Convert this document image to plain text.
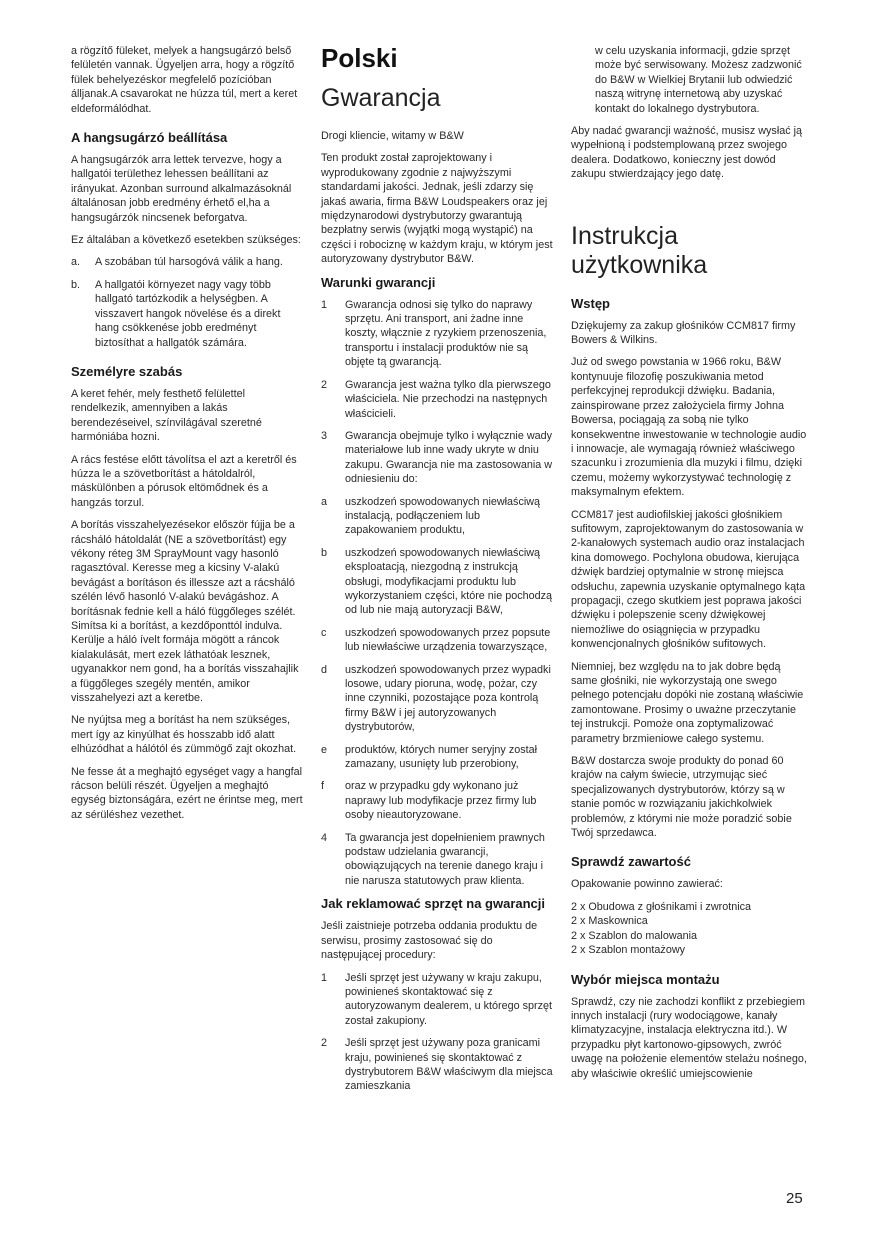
a rögzítő füleket, melyek a hangsugárzó belső felületén vannak. Ügyeljen arra, hogy a rögzítő fülek behelyezéskor megfelelő pozícióban álljanak.A csavarokat ne húzza túl, mert a keret eldeformálódhat.

A hangsugárzó beállítása

A hangsugárzók arra lettek tervezve, hogy a hallgatói területhez lehessen beállítani az irányukat. Azonban surround alkalmazásoknál általánosan jobb eredmény érhető el,ha a hangsugárzók nincsenek beforgatva.

Ez általában a következő esetekben szükséges:

a.	A szobában túl harsogóvá válik a hang.
b.	A hallgatói környezet nagy vagy több hallgató tartózkodik a helységben. A visszavert hangok növelése és a direkt hang csökkenése jobb eredményt biztosíthat a hallgatók számára.
Személyre szabás

A keret fehér, mely festhető felülettel rendelkezik, amennyiben a lakás berendezéseivel, színvilágával szeretné harmóniába hozni.

A rács festése előtt távolítsa el azt a keretről és húzza le a szövetborítást a hátoldalról, máskülönben a pórusok eltömődnek és a hangzás torzul.

A borítás visszahelyezésekor először fújja be a rácsháló hátoldalát (NE a szövetborítást) egy vékony réteg 3M SprayMount vagy hasonló ragasztóval. Keresse meg a kicsiny V-alakú bevágást a borításon és illessze azt a rácsháló szélén lévő hasonló V-alakú bevágáshoz. A borításnak fednie kell a háló függőleges szélét. Simítsa ki a borítást, a kezdőponttól indulva. Kerülje a háló ívelt formája mögött a ráncok kialakulását, mert ezek láthatóak lesznek, ugyanakkor nem gond, ha a borítás visszahajlik a függőleges szegély mentén, amikor visszahelyezi azt a keretbe.

Ne nyújtsa meg a borítást ha nem szükséges, mert így az kinyúlhat és hosszabb idő alatt elhúzódhat a hálótól és zümmögő zajt okozhat.

Ne fesse át a meghajtó egységet vagy a hangfal rácson belüli részét. Ügyeljen a meghajtó egység biztonságára, ezért ne érintse meg, mert az sérüléshez vezethet.

Polski
Gwarancja

Drogi kliencie, witamy w B&W

Ten produkt został zaprojektowany i wyprodukowany zgodnie z najwyższymi standardami jakości. Jednak, jeśli zdarzy się jakaś awaria, firma B&W Loudspeakers oraz jej międzynarodowi dystrybutorzy gwarantują bezpłatny serwis (wyjątki mogą wystąpić) na części i robociznę w każdym kraju, w którym jest autoryzowany dystrybutor B&W.

Warunki gwarancji
1	Gwarancja odnosi się tylko do naprawy sprzętu. Ani transport, ani żadne inne koszty, włącznie z ryzykiem przenoszenia, transportu i instalacji produktów nie są objęte tą gwarancją.
2	Gwarancja jest ważna tylko dla pierwszego właściciela. Nie przechodzi na następnych właścicieli.
3	Gwarancja obejmuje tylko i wyłącznie wady materiałowe lub inne wady ukryte w dniu zakupu. Gwarancja nie ma zastosowania w odniesieniu do:
a	uszkodzeń spowodowanych niewłaściwą instalacją, podłączeniem lub zapakowaniem produktu,
b	uszkodzeń spowodowanych niewłaściwą eksploatacją, niezgodną z instrukcją obsługi, modyfikacjami produktu lub wykorzystaniem części, które nie pochodzą od lub nie mają autoryzacji B&W,
c	uszkodzeń spowodowanych przez popsute lub niewłaściwe urządzenia towarzyszące,
d	uszkodzeń spowodowanych przez wypadki losowe, udary pioruna, wodę, pożar, czy inne czynniki, pozostające poza kontrolą firmy B&W i jej autoryzowanych dystrybutorów,
e	produktów, których numer seryjny został zamazany, usunięty lub przerobiony,
f	oraz w przypadku gdy wykonano już naprawy lub modyfikacje przez firmy lub osoby nieautoryzowane.
4	Ta gwarancja jest dopełnieniem prawnych podstaw udzielania gwarancji, obowiązujących na terenie danego kraju i nie narusza statutowych praw klienta.
Jak reklamować sprzęt na gwarancji

Jeśli zaistnieje potrzeba oddania produktu de serwisu, prosimy zastosować się do następującej procedury:

1	Jeśli sprzęt jest używany w kraju zakupu, powinieneś skontaktować się z autoryzowanym dealerem, u którego sprzęt został zakupiony.
2	Jeśli sprzęt jest używany poza granicami kraju, powinieneś się skontaktować z dystrybutorem B&W właściwym dla miejsca zamieszkania
w celu uzyskania informacji, gdzie sprzęt może być serwisowany. Możesz zadzwonić do B&W w Wielkiej Brytanii lub odwiedzić naszą witrynę internetową aby uzyskać kontakt do lokalnego dystrybutora.

Aby nadać gwarancji ważność, musisz wysłać ją wypełnioną i podstemplowaną przez swojego dealera. Dodatkowo, konieczny jest dowód zakupu stwierdzający jego datę.

Instrukcja użytkownika
Wstęp

Dziękujemy za zakup głośników CCM817 firmy Bowers & Wilkins.

Już od swego powstania w 1966 roku, B&W kontynuuje filozofię poszukiwania metod perfekcyjnej reprodukcji dźwięku. Badania, zainspirowane przez założyciela firmy Johna Bowersa, pociągają za sobą nie tylko konsekwentne inwestowanie w technologie audio i innowacje, ale wymagają również właściwego szacunku i zrozumienia dla muzyki i filmu, dzięki czemu, możemy wykorzystywać technologię z maksymalnym efektem.

CCM817 jest audiofilskiej jakości głośnikiem sufitowym, zaprojektowanym do zastosowania w 2-kanałowych systemach audio oraz instalacjach kina domowego. Pochylona obudowa, kierująca dźwięk bardziej optymalnie w stronę miejsca odsłuchu, zapewnia uzyskanie optymalnego kąta propagacji, czego skutkiem jest poprawa jakości dźwięku i polepszenie sceny dźwiękowej niemożliwe do osiągnięcia w przypadku konwencjonalnych głośników sufitowych.

Niemniej, bez względu na to jak dobre będą same głośniki, nie wykorzystają one swego pełnego potencjału dopóki nie zostaną właściwie zamontowane. Prosimy o uważne przeczytanie tej instrukcji. Pomoże ona zoptymalizować parametry brzmieniowe całego systemu.

B&W dostarcza swoje produkty do ponad 60 krajów na całym świecie, utrzymując sieć specjalizowanych dystrybutorów, którzy są w stanie pomóc w rozwiązaniu jakichkolwiek problemów, z którymi nie może poradzić sobie Twój sprzedawca.

Sprawdź zawartość

Opakowanie powinno zawierać:

2 x Obudowa z głośnikami i zwrotnica

2 x Maskownica

2 x Szablon do malowania

2 x Szablon montażowy

Wybór miejsca montażu

Sprawdź, czy nie zachodzi konflikt z przebiegiem innych instalacji (rury wodociągowe, kanały klimatyzacyjne, instalacja elektryczna itd.). W przypadku płyt kartonowo-gipsowych, zwróć uwagę na położenie elementów stelażu nośnego, aby właściwie określić umiejscowienie

25
